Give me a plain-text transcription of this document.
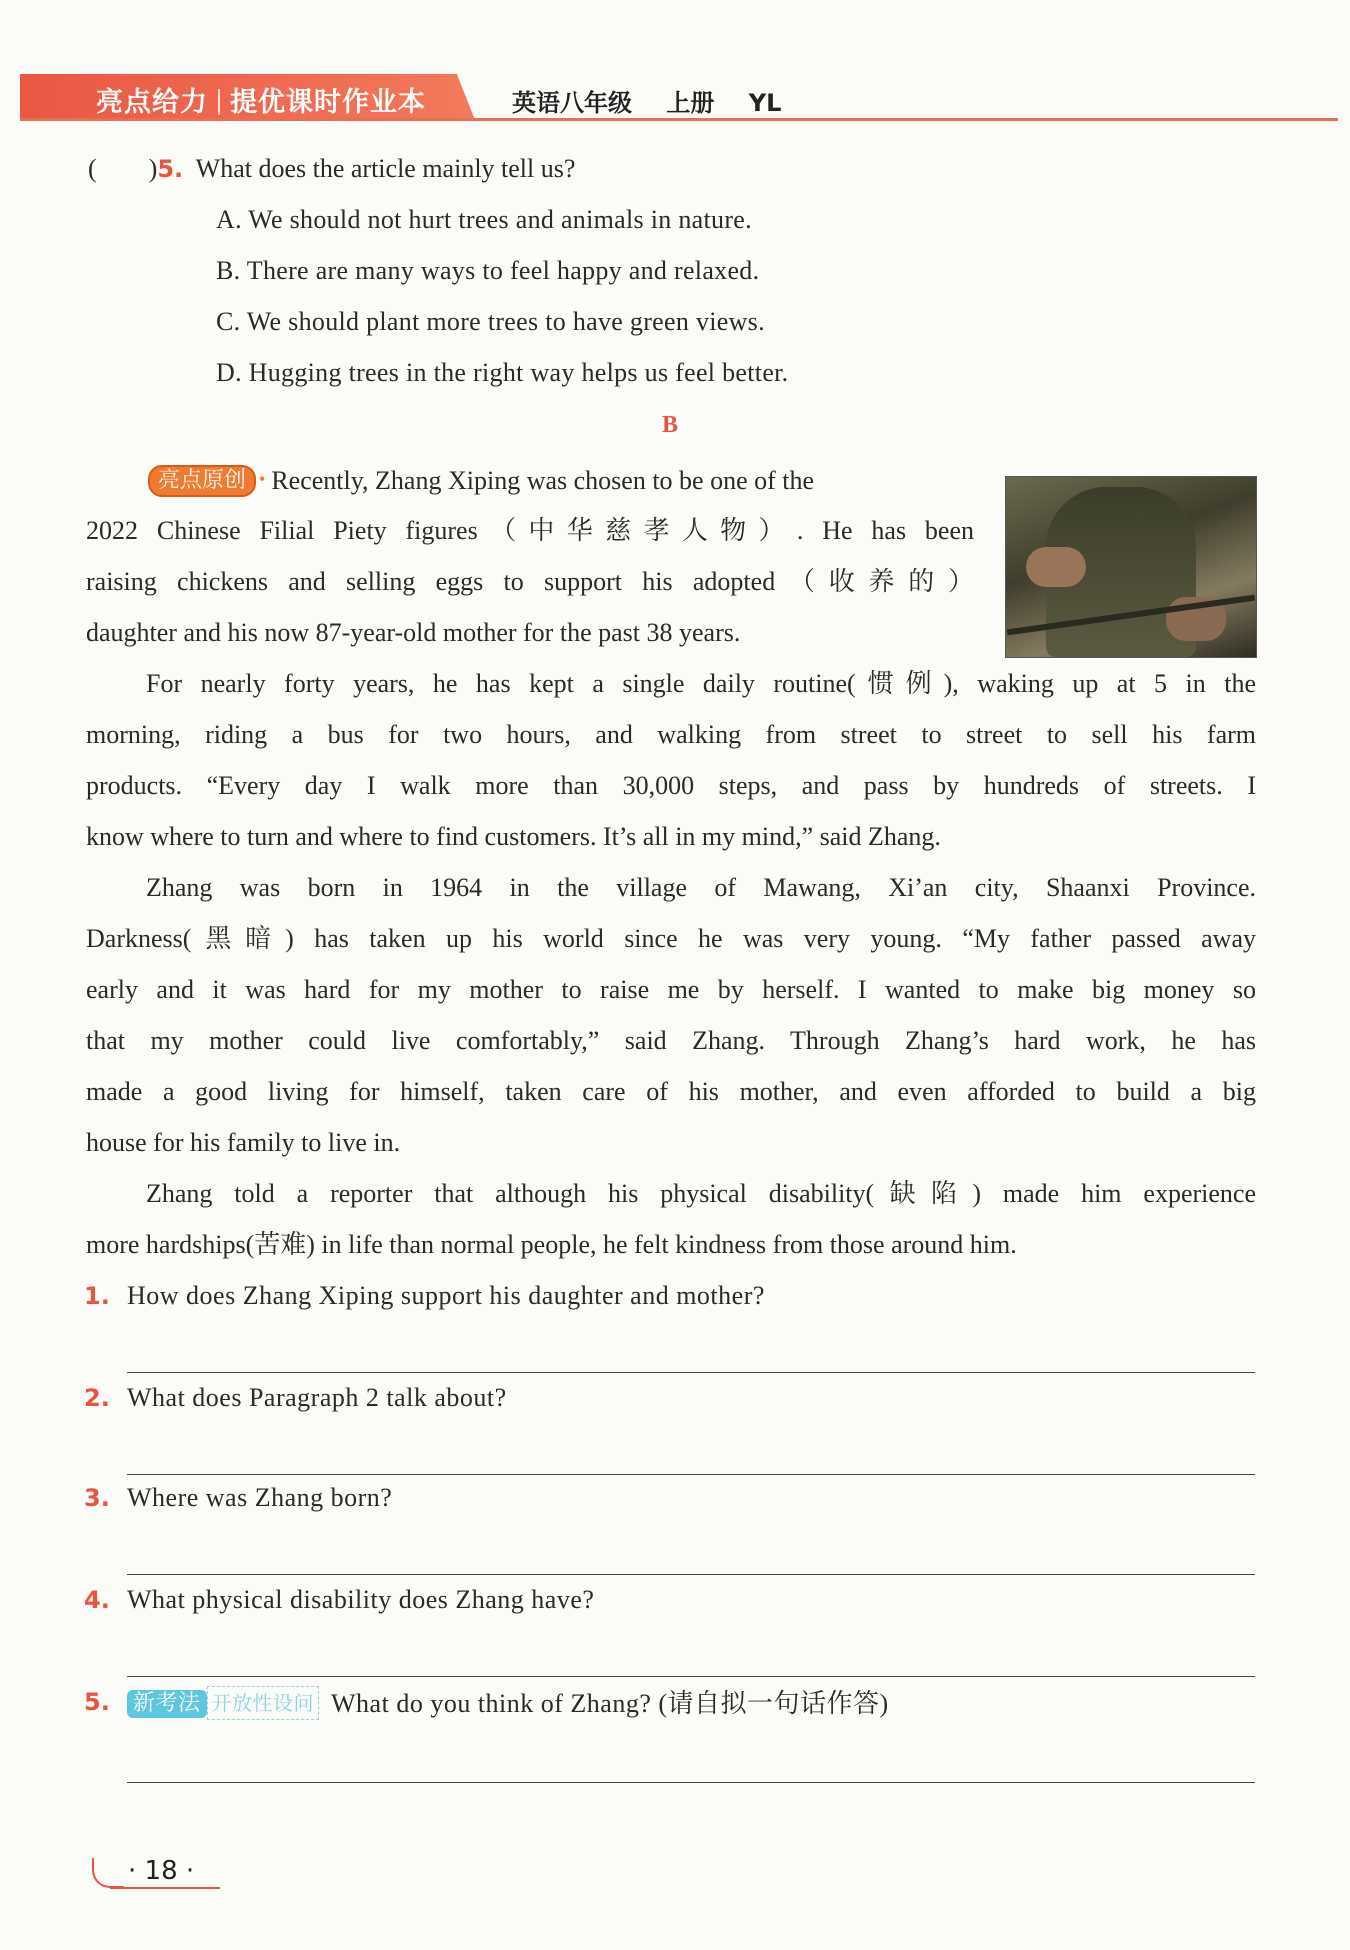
亮点给力 提优课时作业本	英语八年级 上册 YL
(　　)5. What does the article mainly tell us?
A. We should not hurt trees and animals in nature.
B. There are many ways to feel happy and relaxed.
C. We should plant more trees to have green views.
D. Hugging trees in the right way helps us feel better.
B
亮点原创 • Recently, Zhang Xiping was chosen to be one of the
2022 Chinese Filial Piety figures（中华慈孝人物）. He has been
raising chickens and selling eggs to support his adopted（收养的）
daughter and his now 87-year-old mother for the past 38 years.
For nearly forty years, he has kept a single daily routine(惯例), waking up at 5 in the
morning, riding a bus for two hours, and walking from street to street to sell his farm
products. “Every day I walk more than 30,000 steps, and pass by hundreds of streets. I
know where to turn and where to find customers. It’s all in my mind,” said Zhang.
Zhang was born in 1964 in the village of Mawang, Xi’an city, Shaanxi Province.
Darkness(黑暗) has taken up his world since he was very young. “My father passed away
early and it was hard for my mother to raise me by herself. I wanted to make big money so
that my mother could live comfortably,” said Zhang. Through Zhang’s hard work, he has
made a good living for himself, taken care of his mother, and even afforded to build a big
house for his family to live in.
Zhang told a reporter that although his physical disability(缺陷) made him experience
more hardships(苦难) in life than normal people, he felt kindness from those around him.
1. How does Zhang Xiping support his daughter and mother?
2. What does Paragraph 2 talk about?
3. Where was Zhang born?
4. What physical disability does Zhang have?
5. 新考法 开放性设问 What do you think of Zhang? (请自拟一句话作答)
· 18 ·
